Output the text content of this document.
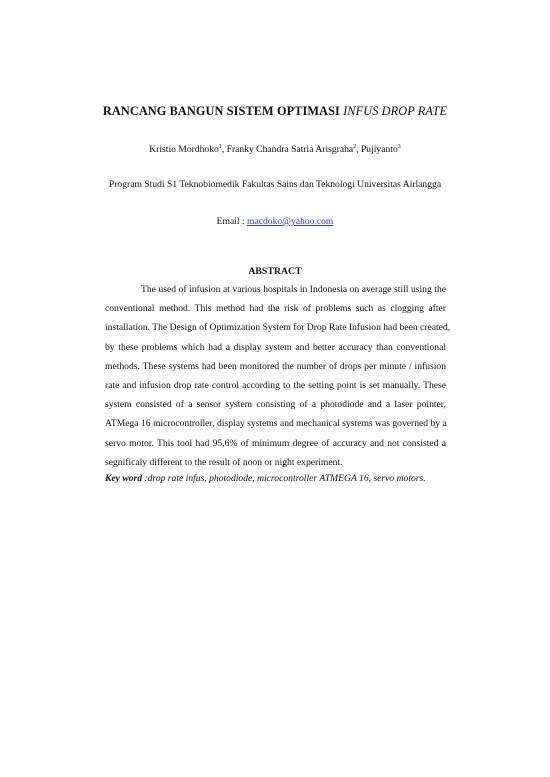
RANCANG BANGUN SISTEM OPTIMASI INFUS DROP RATE
Kristio Mordhoko$^1$, Franky Chandra Satria Arisgraha$^2$, Pujiyanto$^3$
Program Studi S1 Teknobiomedik Fakultas Sains dan Teknologi Universitas Airlangga
Email : macdoko@yahoo.com
ABSTRACT
The used of infusion at various hospitals in Indonesia on average still using the
conventional method. This method had the risk of problems such as clogging after
installation. The Design of Optimization System for Drop Rate Infusion had been created,
by these problems which had a display system and better accuracy than conventional
methods. These systems had been monitored the number of drops per minute / infusion
rate and infusion drop rate control according to the setting point is set manually. These
system consisted of a sensor system consisting of a photodiode and a laser pointer,
ATMega 16 microcontroller, display systems and mechanical systems was governed by a
servo motor. This tool had 95,6% of minimum degree of accuracy and not consisted a
segnificaly different to the result of noon or night experiment.
Key word :drop rate infus, photodiode, microcontroller ATMEGA 16, servo motors.
